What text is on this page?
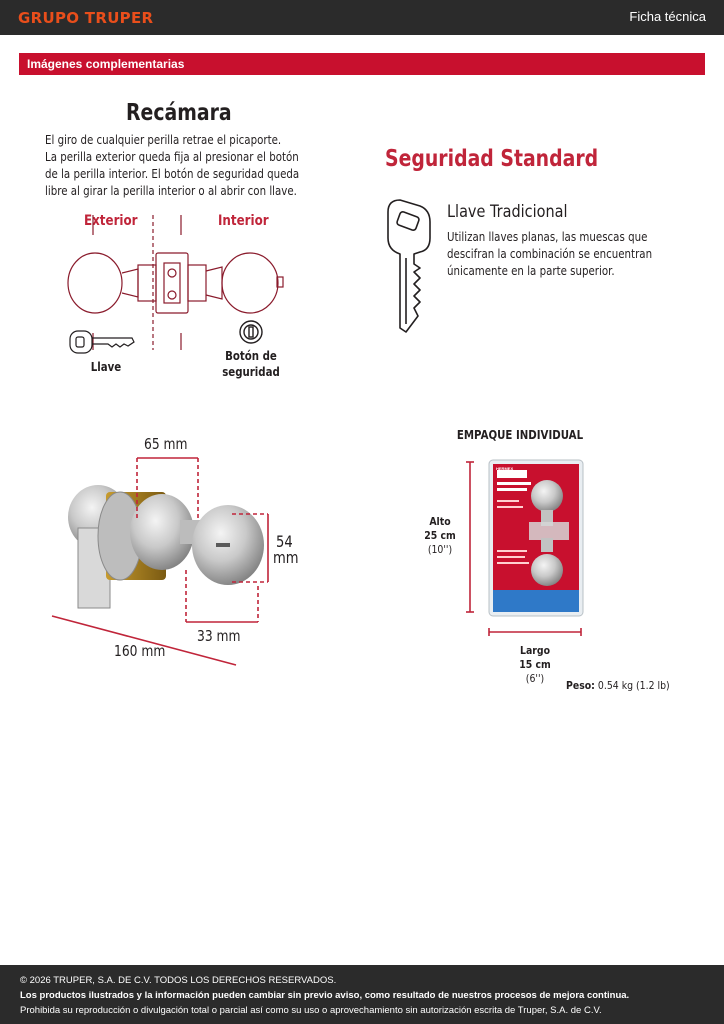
GRUPO TRUPER	Ficha técnica
Imágenes complementarias
Recámara
El giro de cualquier perilla retrae el picaporte.
La perilla exterior queda fija al presionar el botón
de la perilla interior. El botón de seguridad queda
libre al girar la perilla interior o al abrir con llave.
Exterior	Interior
Llave
Botón de
seguridad
Seguridad Standard
Llave Tradicional
Utilizan llaves planas, las muescas que
descifran la combinación se encuentran
únicamente en la parte superior.
65 mm
54
mm
33 mm
160 mm
EMPAQUE INDIVIDUAL
Alto
25 cm
(10'')
HERMEX
CERRADURA
DE POMO
Largo
15 cm
(6'')
Peso: 0.54 kg (1.2 lb)

© 2026 TRUPER, S.A. DE C.V. TODOS LOS DERECHOS RESERVADOS.

Los productos ilustrados y la información pueden cambiar sin previo aviso, como resultado de nuestros procesos de mejora continua.

Prohibida su reproducción o divulgación total o parcial así como su uso o aprovechamiento sin autorización escrita de Truper, S.A. de C.V.
